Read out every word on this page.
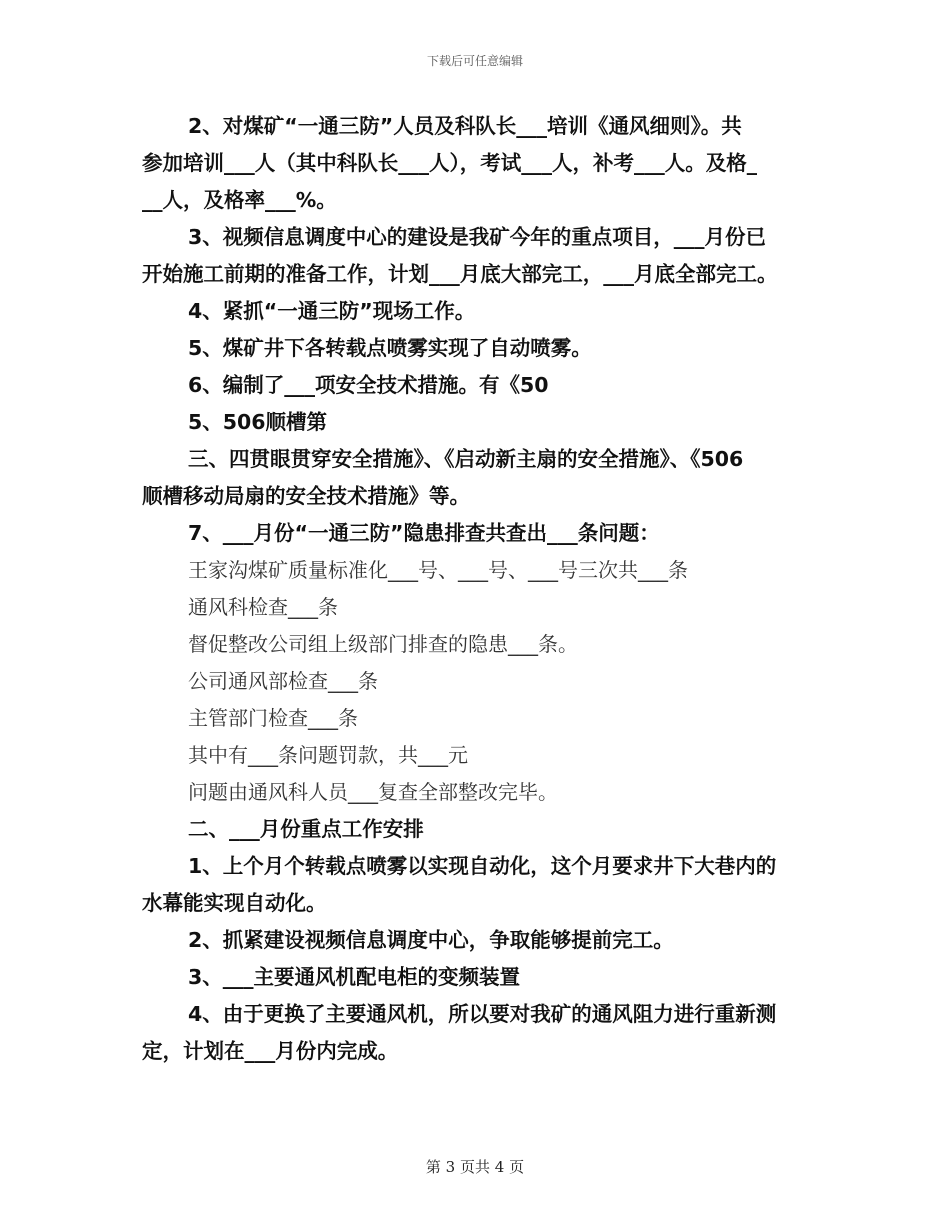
下载后可任意编辑
2、对煤矿“一通三防”人员及科队长___培训《通风细则》。共
参加培训___人（其中科队长___人），考试___人，补考___人。及格_
__人，及格率___%。
3、视频信息调度中心的建设是我矿今年的重点项目，___月份已
开始施工前期的准备工作，计划___月底大部完工，___月底全部完工。
4、紧抓“一通三防”现场工作。
5、煤矿井下各转载点喷雾实现了自动喷雾。
6、编制了___项安全技术措施。有《50
5、506顺槽第
三、四贯眼贯穿安全措施》、《启动新主扇的安全措施》、《506
顺槽移动局扇的安全技术措施》等。
7、___月份“一通三防”隐患排查共查出___条问题：
王家沟煤矿质量标准化___号、___号、___号三次共___条
通风科检查___条
督促整改公司组上级部门排查的隐患___条。
公司通风部检查___条
主管部门检查___条
其中有___条问题罚款，共___元
问题由通风科人员___复查全部整改完毕。
二、___月份重点工作安排
1、上个月个转载点喷雾以实现自动化，这个月要求井下大巷内的
水幕能实现自动化。
2、抓紧建设视频信息调度中心，争取能够提前完工。
3、___主要通风机配电柜的变频装置
4、由于更换了主要通风机，所以要对我矿的通风阻力进行重新测
定，计划在___月份内完成。
第 3 页共 4 页
